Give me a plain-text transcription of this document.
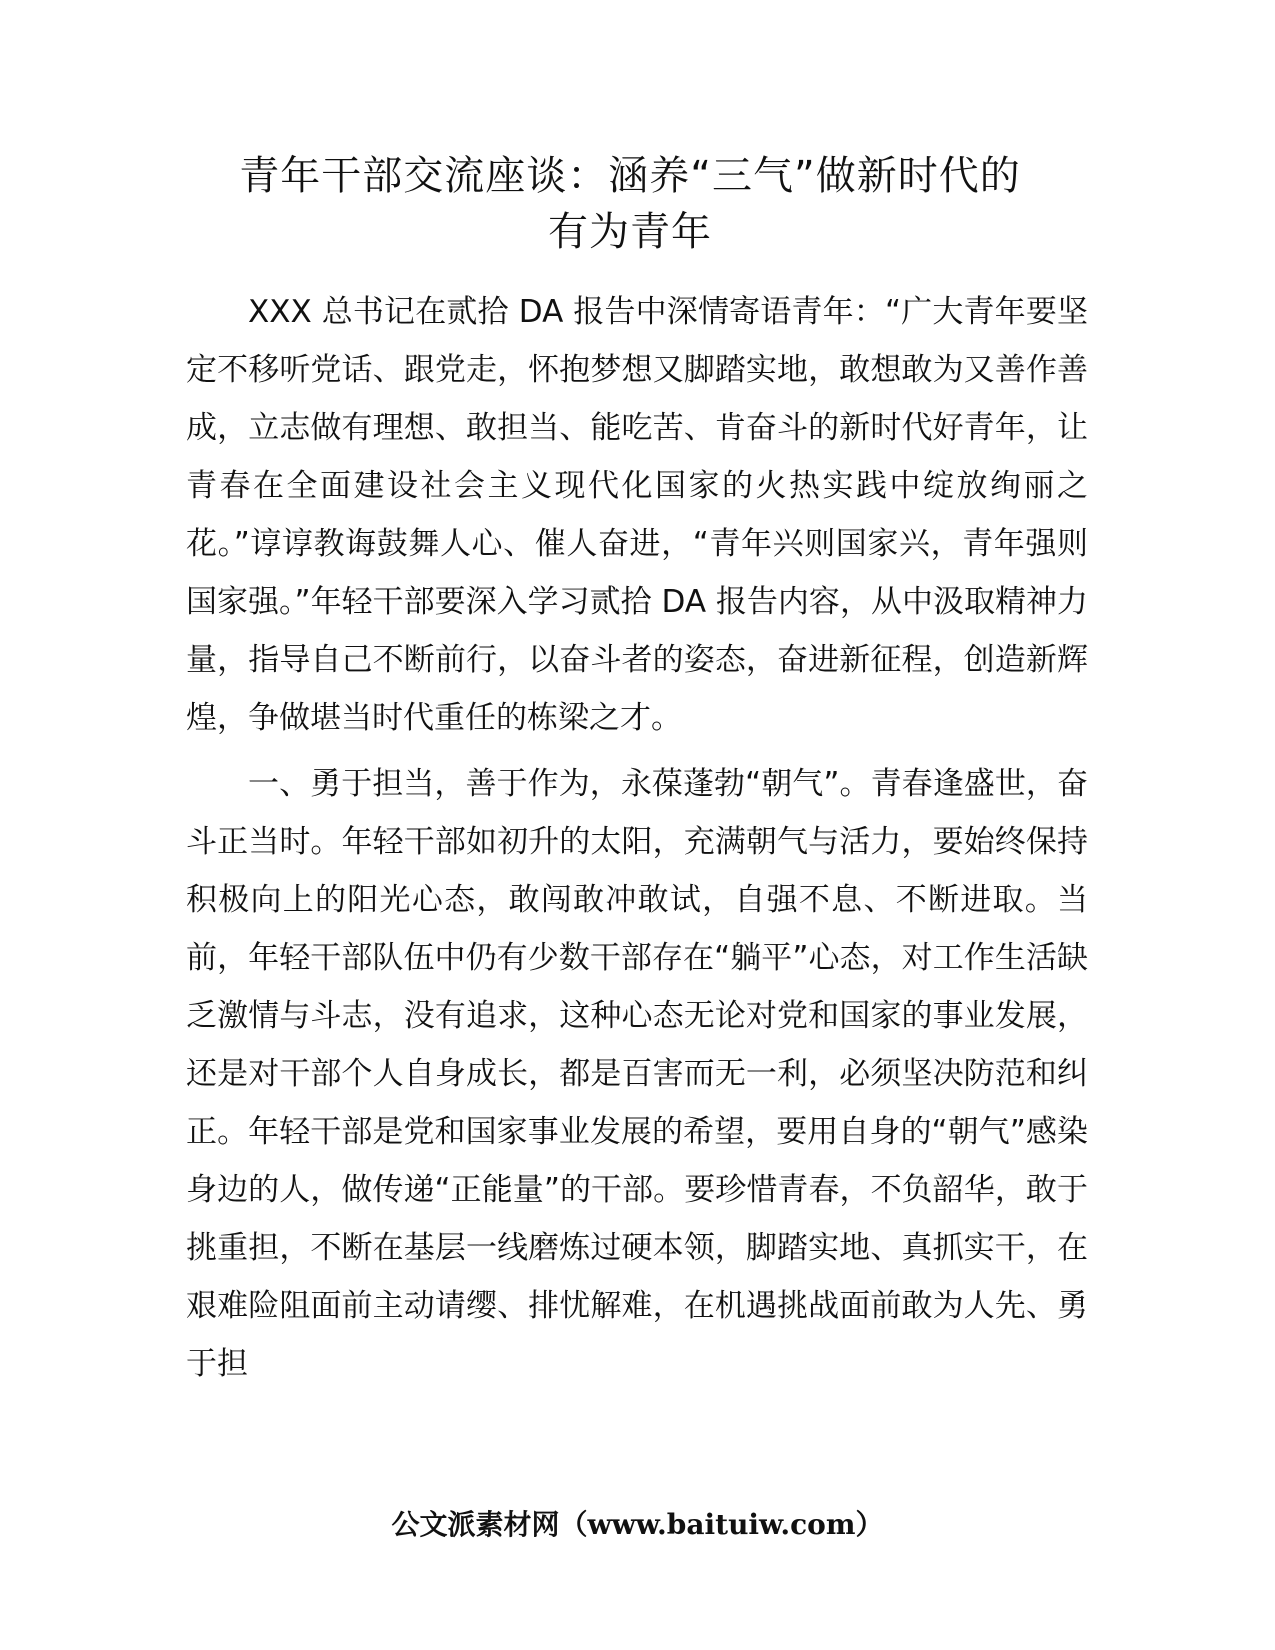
青年干部交流座谈：涵养“三气”做新时代的
有为青年

XXX 总书记在贰拾 DA 报告中深情寄语青年：“广大青年要坚定不移听党话、跟党走，怀抱梦想又脚踏实地，敢想敢为又善作善成，立志做有理想、敢担当、能吃苦、肯奋斗的新时代好青年，让青春在全面建设社会主义现代化国家的火热实践中绽放绚丽之花。”谆谆教诲鼓舞人心、催人奋进，“青年兴则国家兴，青年强则国家强。”年轻干部要深入学习贰拾 DA 报告内容，从中汲取精神力量，指导自己不断前行，以奋斗者的姿态，奋进新征程，创造新辉煌，争做堪当时代重任的栋梁之才。

一、勇于担当，善于作为，永葆蓬勃“朝气”。青春逢盛世，奋斗正当时。年轻干部如初升的太阳，充满朝气与活力，要始终保持积极向上的阳光心态，敢闯敢冲敢试，自强不息、不断进取。当前，年轻干部队伍中仍有少数干部存在“躺平”心态，对工作生活缺乏激情与斗志，没有追求，这种心态无论对党和国家的事业发展，还是对干部个人自身成长，都是百害而无一利，必须坚决防范和纠正。年轻干部是党和国家事业发展的希望，要用自身的“朝气”感染身边的人，做传递“正能量”的干部。要珍惜青春，不负韶华，敢于挑重担，不断在基层一线磨炼过硬本领，脚踏实地、真抓实干，在艰难险阻面前主动请缨、排忧解难，在机遇挑战面前敢为人先、勇于担

公文派素材网（www.baituiw.com）
